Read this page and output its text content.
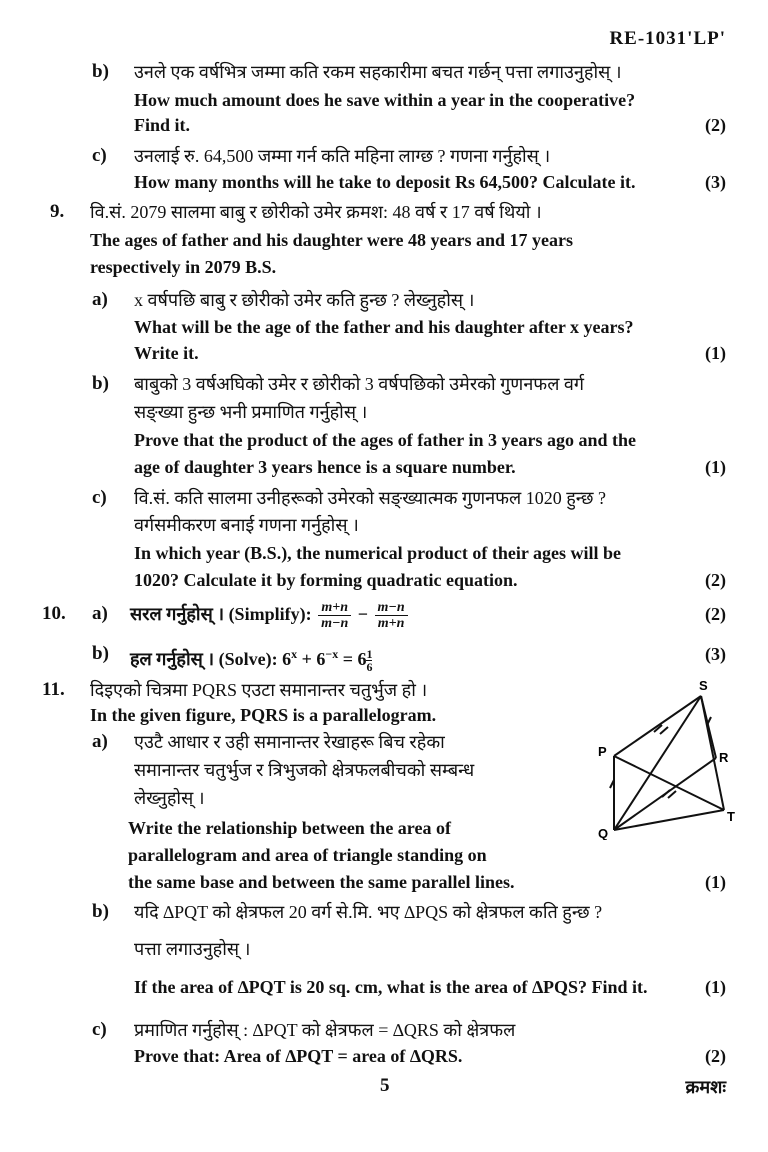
RE-1031'LP'
b) उनले एक वर्षभित्र जम्मा कति रकम सहकारीमा बचत गर्छन् पत्ता लगाउनुहोस् ।
How much amount does he save within a year in the cooperative?
Find it.	(2)
c) उनलाई रु. 64,500 जम्मा गर्न कति महिना लाग्छ ? गणना गर्नुहोस् ।
How many months will he take to deposit Rs 64,500? Calculate it.	(3)
9. वि.सं. 2079 सालमा बाबु र छोरीको उमेर क्रमश: 48 वर्ष र 17 वर्ष थियो ।
The ages of father and his daughter were 48 years and 17 years
respectively in 2079 B.S.
a) x वर्षपछि बाबु र छोरीको उमेर कति हुन्छ ? लेख्नुहोस् ।
What will be the age of the father and his daughter after x years?
Write it.	(1)
b) बाबुको 3 वर्षअघिको उमेर र छोरीको 3 वर्षपछिको उमेरको गुणनफल वर्ग
सङ्ख्या हुन्छ भनी प्रमाणित गर्नुहोस् ।
Prove that the product of the ages of father in 3 years ago and the
age of daughter 3 years hence is a square number.	(1)
c) वि.सं. कति सालमा उनीहरूको उमेरको सङ्ख्यात्मक गुणनफल 1020 हुन्छ ?
वर्गसमीकरण बनाई गणना गर्नुहोस् ।
In which year (B.S.), the numerical product of their ages will be
1020? Calculate it by forming quadratic equation.	(2)
10. a) सरल गर्नुहोस् । (Simplify): $\frac{m+n}{m-n} - \frac{m-n}{m+n}$	(2)
b) हल गर्नुहोस् । (Solve): $6^x + 6^{-x} = 6 \frac{1}{6}$	(3)
11. दिइएको चित्रमा PQRS एउटा समानान्तर चतुर्भुज हो ।
In the given figure, PQRS is a parallelogram.
a) एउटै आधार र उही समानान्तर रेखाहरू बिच रहेका
समानान्तर चतुर्भुज र त्रिभुजको क्षेत्रफलबीचको सम्बन्ध
लेख्नुहोस् ।
Write the relationship between the area of
parallelogram and area of triangle standing on
the same base and between the same parallel lines.	(1)
S
P	R
Q
T
b) यदि ∆PQT को क्षेत्रफल 20 वर्ग से.मि. भए ∆PQS को क्षेत्रफल कति हुन्छ ?
पत्ता लगाउनुहोस् ।
If the area of ∆PQT is 20 sq. cm, what is the area of ∆PQS? Find it.	(1)
c) प्रमाणित गर्नुहोस् : ∆PQT को क्षेत्रफल = ∆QRS को क्षेत्रफल
Prove that: Area of ∆PQT = area of ∆QRS.	(2)
5	क्रमशः
